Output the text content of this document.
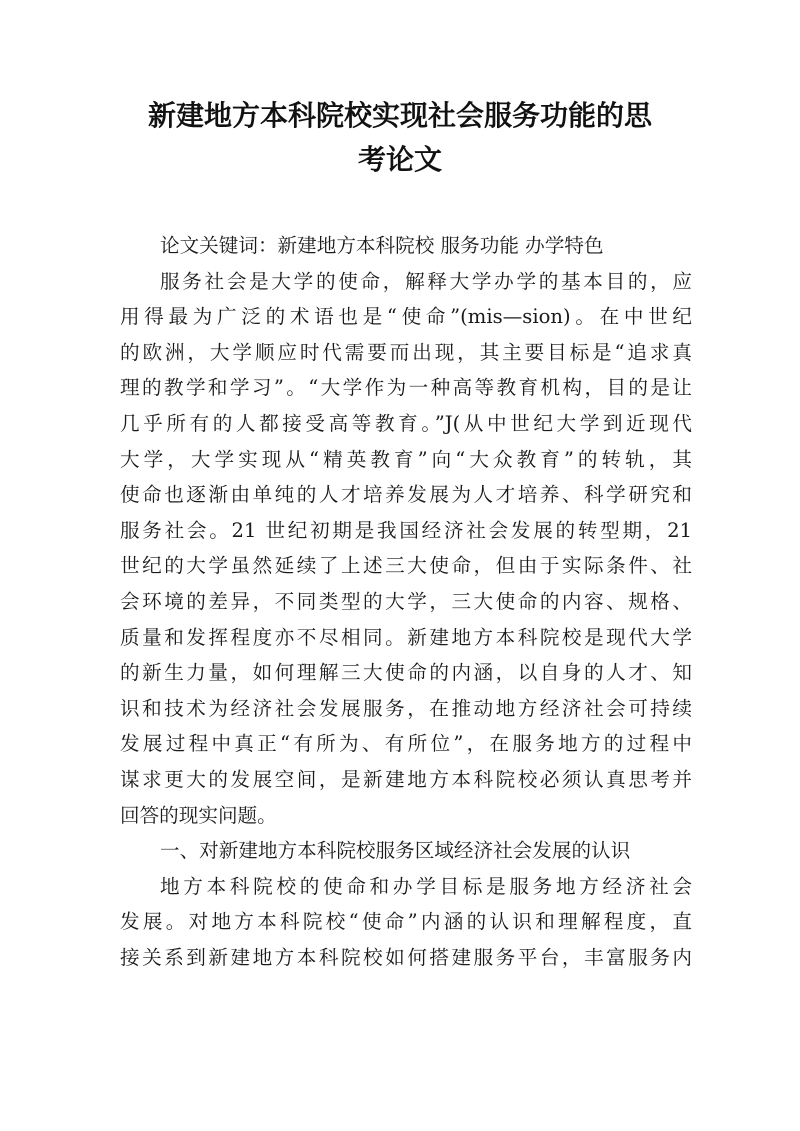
新建地方本科院校实现社会服务功能的思
考论文
论文关键词：新建地方本科院校 服务功能 办学特色
服务社会是大学的使命，解释大学办学的基本目的，应
用得最为广泛的术语也是“使命”(mis—sion)。在中世纪
的欧洲，大学顺应时代需要而出现，其主要目标是“追求真
理的教学和学习”。“大学作为一种高等教育机构，目的是让
几乎所有的人都接受高等教育。”J(从中世纪大学到近现代
大学，大学实现从“精英教育”向“大众教育”的转轨，其
使命也逐渐由单纯的人才培养发展为人才培养、科学研究和
服务社会。21 世纪初期是我国经济社会发展的转型期，21
世纪的大学虽然延续了上述三大使命，但由于实际条件、社
会环境的差异，不同类型的大学，三大使命的内容、规格、
质量和发挥程度亦不尽相同。新建地方本科院校是现代大学
的新生力量，如何理解三大使命的内涵，以自身的人才、知
识和技术为经济社会发展服务，在推动地方经济社会可持续
发展过程中真正“有所为、有所位”，在服务地方的过程中
谋求更大的发展空间，是新建地方本科院校必须认真思考并
回答的现实问题。
一、对新建地方本科院校服务区域经济社会发展的认识
地方本科院校的使命和办学目标是服务地方经济社会
发展。对地方本科院校“使命”内涵的认识和理解程度，直
接关系到新建地方本科院校如何搭建服务平台，丰富服务内
